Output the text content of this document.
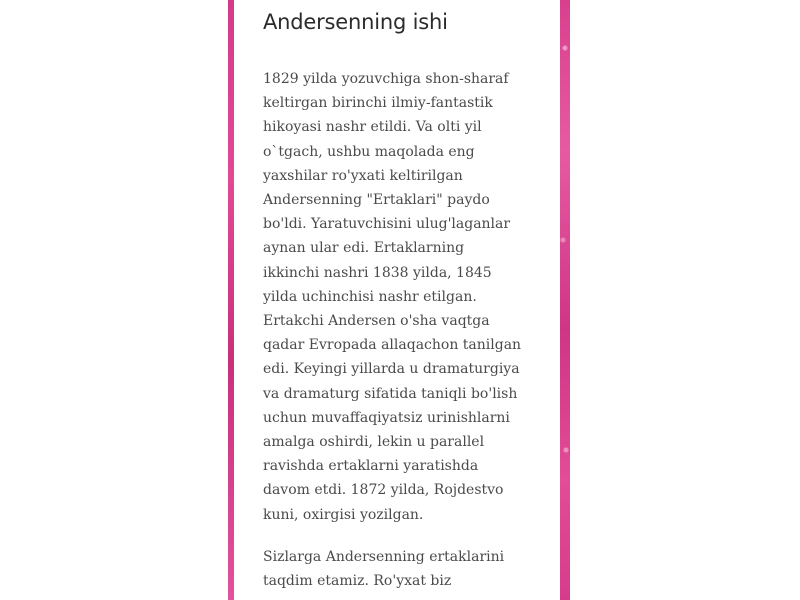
Andersenning ishi

1829 yilda yozuvchiga shon-sharaf
keltirgan birinchi ilmiy-fantastik
hikoyasi nashr etildi. Va olti yil
o`tgach, ushbu maqolada eng
yaxshilar ro'yxati keltirilgan
Andersenning "Ertaklari" paydo
bo'ldi. Yaratuvchisini ulug'laganlar
aynan ular edi. Ertaklarning
ikkinchi nashri 1838 yilda, 1845
yilda uchinchisi nashr etilgan.
Ertakchi Andersen o'sha vaqtga
qadar Evropada allaqachon tanilgan
edi. Keyingi yillarda u dramaturgiya
va dramaturg sifatida taniqli bo'lish
uchun muvaffaqiyatsiz urinishlarni
amalga oshirdi, lekin u parallel
ravishda ertaklarni yaratishda
davom etdi. 1872 yilda, Rojdestvo
kuni, oxirgisi yozilgan.

Sizlarga Andersenning ertaklarini
taqdim etamiz. Ro'yxat biz
